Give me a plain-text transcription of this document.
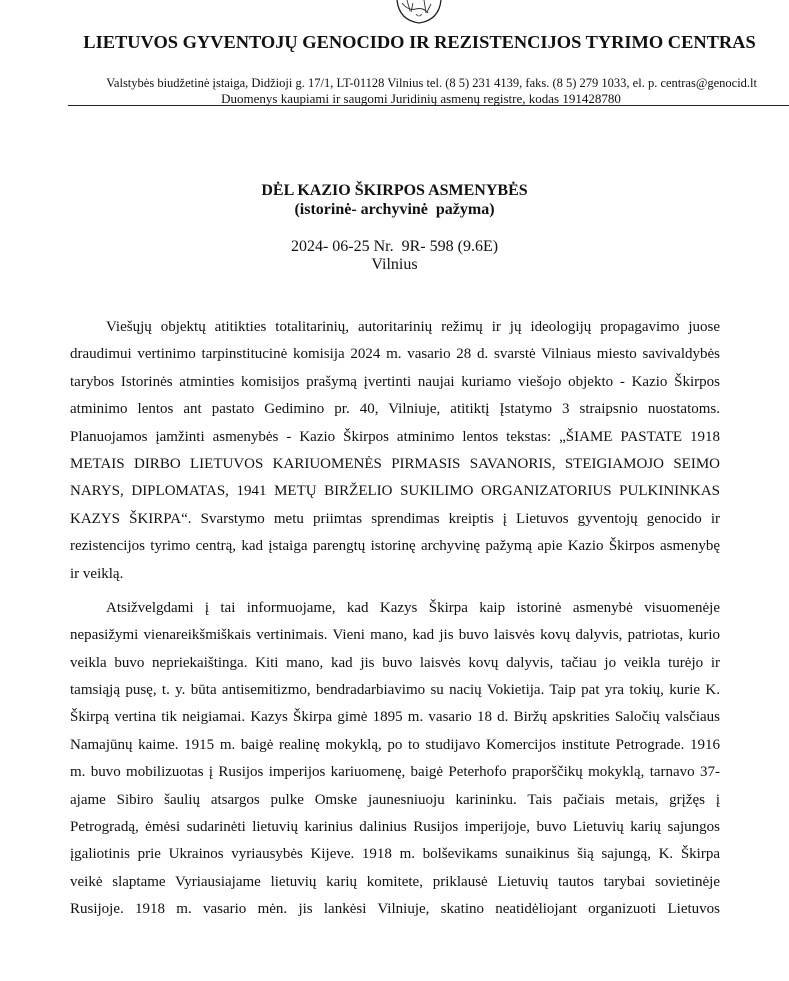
LIETUVOS GYVENTOJŲ GENOCIDO IR REZISTENCIJOS TYRIMO CENTRAS
Valstybės biudžetinė įstaiga, Didžioji g. 17/1, LT-01128 Vilnius tel. (8 5) 231 4139, faks. (8 5) 279 1033, el. p. centras@genocid.lt
Duomenys kaupiami ir saugomi Juridinių asmenų registre, kodas 191428780
DĖL KAZIO ŠKIRPOS ASMENYBĖS
(istorinė- archyvinė  pažyma)
2024- 06-25 Nr.  9R- 598 (9.6E)
Vilnius
Viešųjų objektų atitikties totalitarinių, autoritarinių režimų ir jų ideologijų propagavimo juose
draudimui vertinimo tarpinstitucinė komisija 2024 m. vasario 28 d. svarstė Vilniaus miesto savivaldybės
tarybos Istorinės atminties komisijos prašymą įvertinti naujai kuriamo viešojo objekto - Kazio Škirpos
atminimo lentos ant pastato Gedimino pr. 40, Vilniuje, atitiktį Įstatymo 3 straipsnio nuostatoms.
Planuojamos įamžinti asmenybės - Kazio Škirpos atminimo lentos tekstas: „ŠIAME PASTATE 1918
METAIS DIRBO LIETUVOS KARIUOMENĖS PIRMASIS SAVANORIS, STEIGIAMOJO SEIMO
NARYS, DIPLOMATAS, 1941 METŲ BIRŽELIO SUKILIMO ORGANIZATORIUS PULKININKAS
KAZYS ŠKIRPA“. Svarstymo metu priimtas sprendimas kreiptis į Lietuvos gyventojų genocido ir
rezistencijos tyrimo centrą, kad įstaiga parengtų istorinę archyvinę pažymą apie Kazio Škirpos asmenybę
ir veiklą.
Atsižvelgdami į tai informuojame, kad Kazys Škirpa kaip istorinė asmenybė visuomenėje
nepasižymi vienareikšmiškais vertinimais. Vieni mano, kad jis buvo laisvės kovų dalyvis, patriotas, kurio
veikla buvo nepriekaištinga. Kiti mano, kad jis buvo laisvės kovų dalyvis, tačiau jo veikla turėjo ir
tamsiąją pusę, t. y. būta antisemitizmo, bendradarbiavimo su nacių Vokietija. Taip pat yra tokių, kurie K.
Škirpą vertina tik neigiamai. Kazys Škirpa gimė 1895 m. vasario 18 d. Biržų apskrities Saločių valsčiaus
Namajūnų kaime. 1915 m. baigė realinę mokyklą, po to studijavo Komercijos institute Petrograde. 1916
m. buvo mobilizuotas į Rusijos imperijos kariuomenę, baigė Peterhofo praporščikų mokyklą, tarnavo 37-
ajame Sibiro šaulių atsargos pulke Omske jaunesniuoju karininku. Tais pačiais metais, grįžęs į
Petrogradą, ėmėsi sudarinėti lietuvių karinius dalinius Rusijos imperijoje, buvo Lietuvių karių sajungos
įgaliotinis prie Ukrainos vyriausybės Kijeve. 1918 m. bolševikams sunaikinus šią sajungą, K. Škirpa
veikė slaptame Vyriausiajame lietuvių karių komitete, priklausė Lietuvių tautos tarybai sovietinėje
Rusijoje. 1918 m. vasario mėn. jis lankėsi Vilniuje, skatino neatidėliojant organizuoti Lietuvos
